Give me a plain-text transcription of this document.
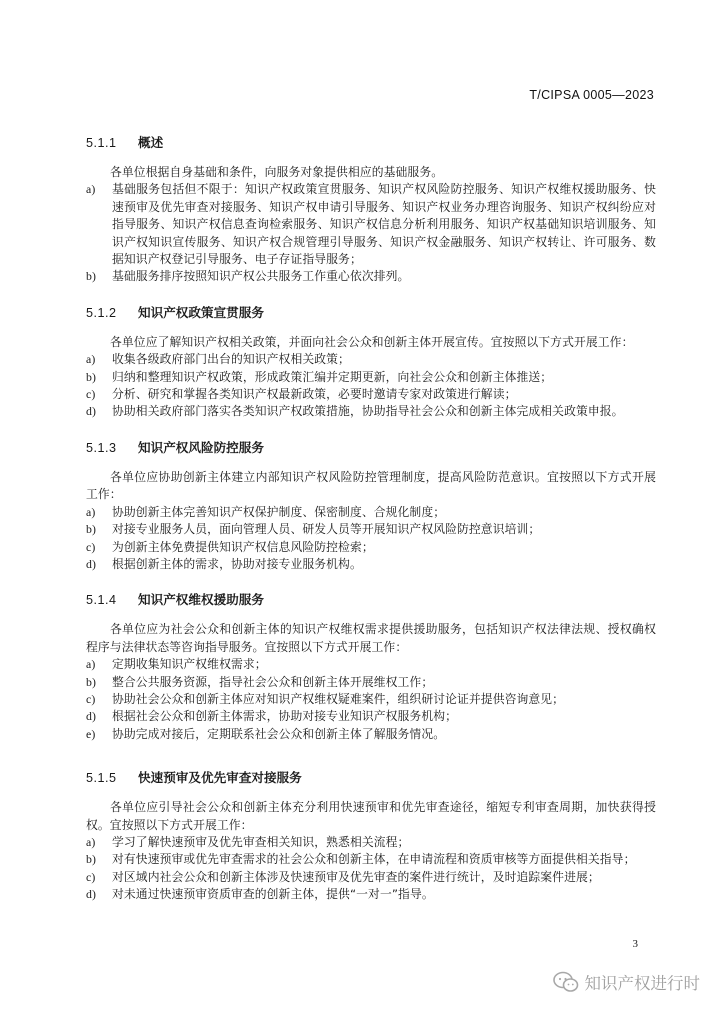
T/CIPSA 0005—2023
5.1.1	概述

各单位根据自身基础和条件，向服务对象提供相应的基础服务。

a)	基础服务包括但不限于：知识产权政策宣贯服务、知识产权风险防控服务、知识产权维权援助服务、快速预审及优先审查对接服务、知识产权申请引导服务、知识产权业务办理咨询服务、知识产权纠纷应对指导服务、知识产权信息查询检索服务、知识产权信息分析利用服务、知识产权基础知识培训服务、知识产权知识宣传服务、知识产权合规管理引导服务、知识产权金融服务、知识产权转让、许可服务、数据知识产权登记引导服务、电子存证指导服务；
b)	基础服务排序按照知识产权公共服务工作重心依次排列。
5.1.2	知识产权政策宣贯服务

各单位应了解知识产权相关政策，并面向社会公众和创新主体开展宣传。宜按照以下方式开展工作：

a)	收集各级政府部门出台的知识产权相关政策；
b)	归纳和整理知识产权政策，形成政策汇编并定期更新，向社会公众和创新主体推送；
c)	分析、研究和掌握各类知识产权最新政策，必要时邀请专家对政策进行解读；
d)	协助相关政府部门落实各类知识产权政策措施，协助指导社会公众和创新主体完成相关政策申报。
5.1.3	知识产权风险防控服务

各单位应协助创新主体建立内部知识产权风险防控管理制度，提高风险防范意识。宜按照以下方式开展工作：

a)	协助创新主体完善知识产权保护制度、保密制度、合规化制度；
b)	对接专业服务人员，面向管理人员、研发人员等开展知识产权风险防控意识培训；
c)	为创新主体免费提供知识产权信息风险防控检索；
d)	根据创新主体的需求，协助对接专业服务机构。
5.1.4	知识产权维权援助服务

各单位应为社会公众和创新主体的知识产权维权需求提供援助服务，包括知识产权法律法规、授权确权程序与法律状态等咨询指导服务。宜按照以下方式开展工作：

a)	定期收集知识产权维权需求；
b)	整合公共服务资源，指导社会公众和创新主体开展维权工作；
c)	协助社会公众和创新主体应对知识产权维权疑难案件，组织研讨论证并提供咨询意见；
d)	根据社会公众和创新主体需求，协助对接专业知识产权服务机构；
e)	协助完成对接后，定期联系社会公众和创新主体了解服务情况。
5.1.5	快速预审及优先审查对接服务

各单位应引导社会公众和创新主体充分利用快速预审和优先审查途径，缩短专利审查周期，加快获得授权。宜按照以下方式开展工作：

a)	学习了解快速预审及优先审查相关知识，熟悉相关流程；
b)	对有快速预审或优先审查需求的社会公众和创新主体，在申请流程和资质审核等方面提供相关指导；
c)	对区域内社会公众和创新主体涉及快速预审及优先审查的案件进行统计，及时追踪案件进展；
d)	对未通过快速预审资质审查的创新主体，提供“一对一”指导。
3
知识产权进行时
